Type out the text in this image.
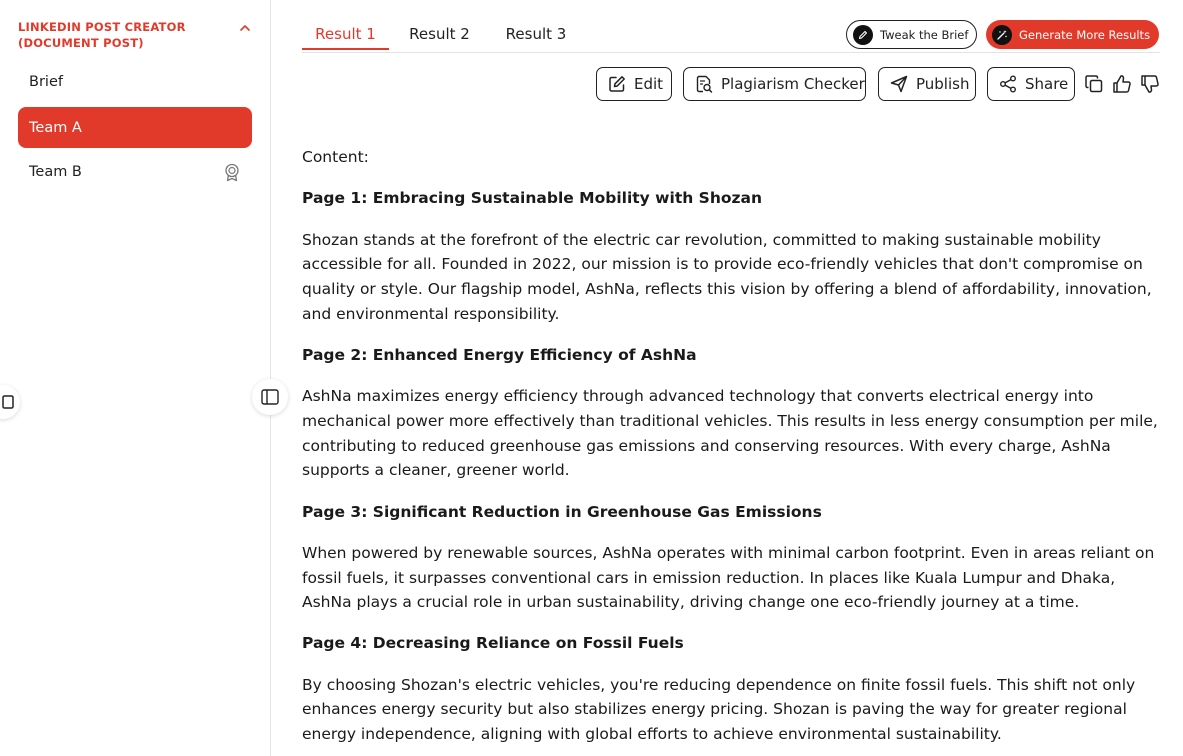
LINKEDIN POST CREATOR (DOCUMENT POST)
Brief
Team A
Team B
Result 1	Result 2	Result 3	Tweak the Brief	Generate More Results
Edit	Plagiarism Checker	Publish	Share

Content:

Page 1: Embracing Sustainable Mobility with Shozan

Shozan stands at the forefront of the electric car revolution, committed to making sustainable mobility accessible for all. Founded in 2022, our mission is to provide eco-friendly vehicles that don't compromise on quality or style. Our flagship model, AshNa, reflects this vision by offering a blend of affordability, innovation, and environmental responsibility.

Page 2: Enhanced Energy Efficiency of AshNa

AshNa maximizes energy efficiency through advanced technology that converts electrical energy into mechanical power more effectively than traditional vehicles. This results in less energy consumption per mile, contributing to reduced greenhouse gas emissions and conserving resources. With every charge, AshNa supports a cleaner, greener world.

Page 3: Significant Reduction in Greenhouse Gas Emissions

When powered by renewable sources, AshNa operates with minimal carbon footprint. Even in areas reliant on fossil fuels, it surpasses conventional cars in emission reduction. In places like Kuala Lumpur and Dhaka, AshNa plays a crucial role in urban sustainability, driving change one eco-friendly journey at a time.

Page 4: Decreasing Reliance on Fossil Fuels

By choosing Shozan's electric vehicles, you're reducing dependence on finite fossil fuels. This shift not only enhances energy security but also stabilizes energy pricing. Shozan is paving the way for greater regional energy independence, aligning with global efforts to achieve environmental sustainability.
